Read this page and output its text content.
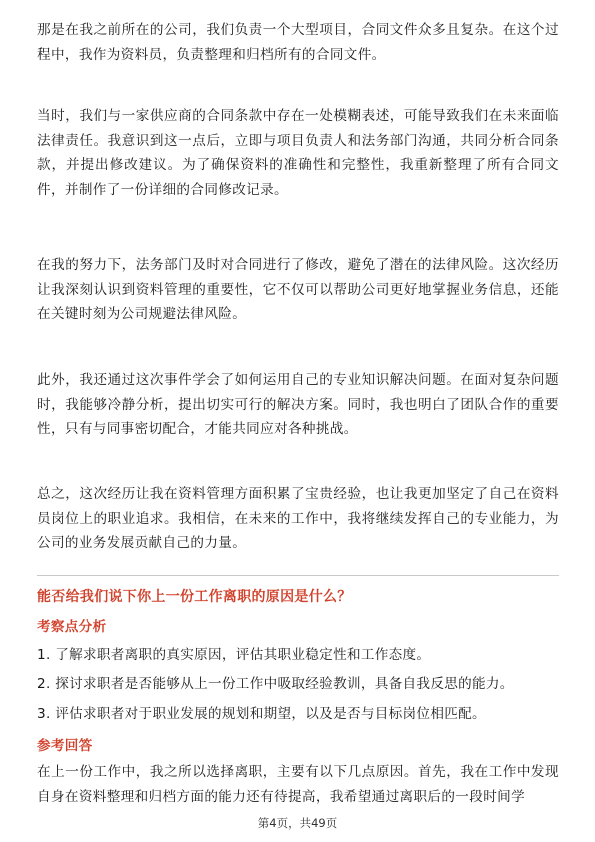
那是在我之前所在的公司，我们负责一个大型项目，合同文件众多且复杂。在这个过程中，我作为资料员，负责整理和归档所有的合同文件。

当时，我们与一家供应商的合同条款中存在一处模糊表述，可能导致我们在未来面临法律责任。我意识到这一点后，立即与项目负责人和法务部门沟通，共同分析合同条款，并提出修改建议。为了确保资料的准确性和完整性，我重新整理了所有合同文件，并制作了一份详细的合同修改记录。

在我的努力下，法务部门及时对合同进行了修改，避免了潜在的法律风险。这次经历让我深刻认识到资料管理的重要性，它不仅可以帮助公司更好地掌握业务信息，还能在关键时刻为公司规避法律风险。

此外，我还通过这次事件学会了如何运用自己的专业知识解决问题。在面对复杂问题时，我能够冷静分析，提出切实可行的解决方案。同时，我也明白了团队合作的重要性，只有与同事密切配合，才能共同应对各种挑战。

总之，这次经历让我在资料管理方面积累了宝贵经验，也让我更加坚定了自己在资料员岗位上的职业追求。我相信，在未来的工作中，我将继续发挥自己的专业能力，为公司的业务发展贡献自己的力量。

能否给我们说下你上一份工作离职的原因是什么？
考察点分析
1. 了解求职者离职的真实原因，评估其职业稳定性和工作态度。
2. 探讨求职者是否能够从上一份工作中吸取经验教训，具备自我反思的能力。
3. 评估求职者对于职业发展的规划和期望，以及是否与目标岗位相匹配。
参考回答

在上一份工作中，我之所以选择离职，主要有以下几点原因。首先，我在工作中发现自身在资料整理和归档方面的能力还有待提高，我希望通过离职后的一段时间学

第4页，共49页
